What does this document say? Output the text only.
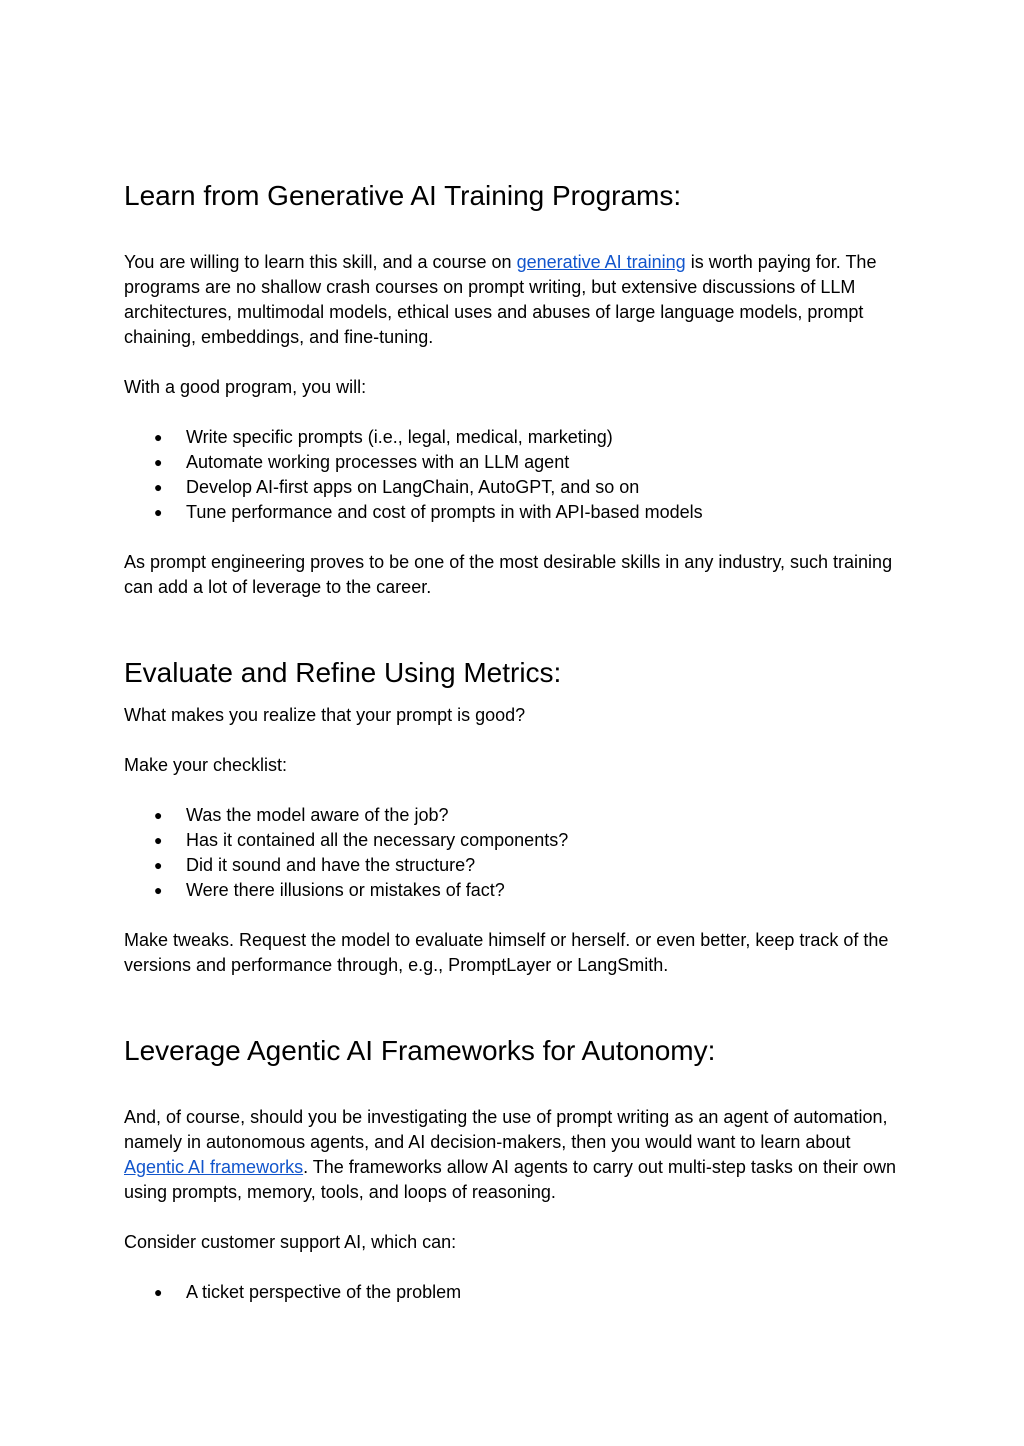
Learn from Generative AI Training Programs:

You are willing to learn this skill, and a course on generative AI training is worth paying for. The programs are no shallow crash courses on prompt writing, but extensive discussions of LLM architectures, multimodal models, ethical uses and abuses of large language models, prompt chaining, embeddings, and fine-tuning.

With a good program, you will:

● Write specific prompts (i.e., legal, medical, marketing)
● Automate working processes with an LLM agent
● Develop AI-first apps on LangChain, AutoGPT, and so on
● Tune performance and cost of prompts in with API-based models

As prompt engineering proves to be one of the most desirable skills in any industry, such training can add a lot of leverage to the career.

Evaluate and Refine Using Metrics:

What makes you realize that your prompt is good?

Make your checklist:

● Was the model aware of the job?
● Has it contained all the necessary components?
● Did it sound and have the structure?
● Were there illusions or mistakes of fact?

Make tweaks. Request the model to evaluate himself or herself. or even better, keep track of the versions and performance through, e.g., PromptLayer or LangSmith.

Leverage Agentic AI Frameworks for Autonomy:

And, of course, should you be investigating the use of prompt writing as an agent of automation, namely in autonomous agents, and AI decision-makers, then you would want to learn about Agentic AI frameworks. The frameworks allow AI agents to carry out multi-step tasks on their own using prompts, memory, tools, and loops of reasoning.

Consider customer support AI, which can:

● A ticket perspective of the problem
